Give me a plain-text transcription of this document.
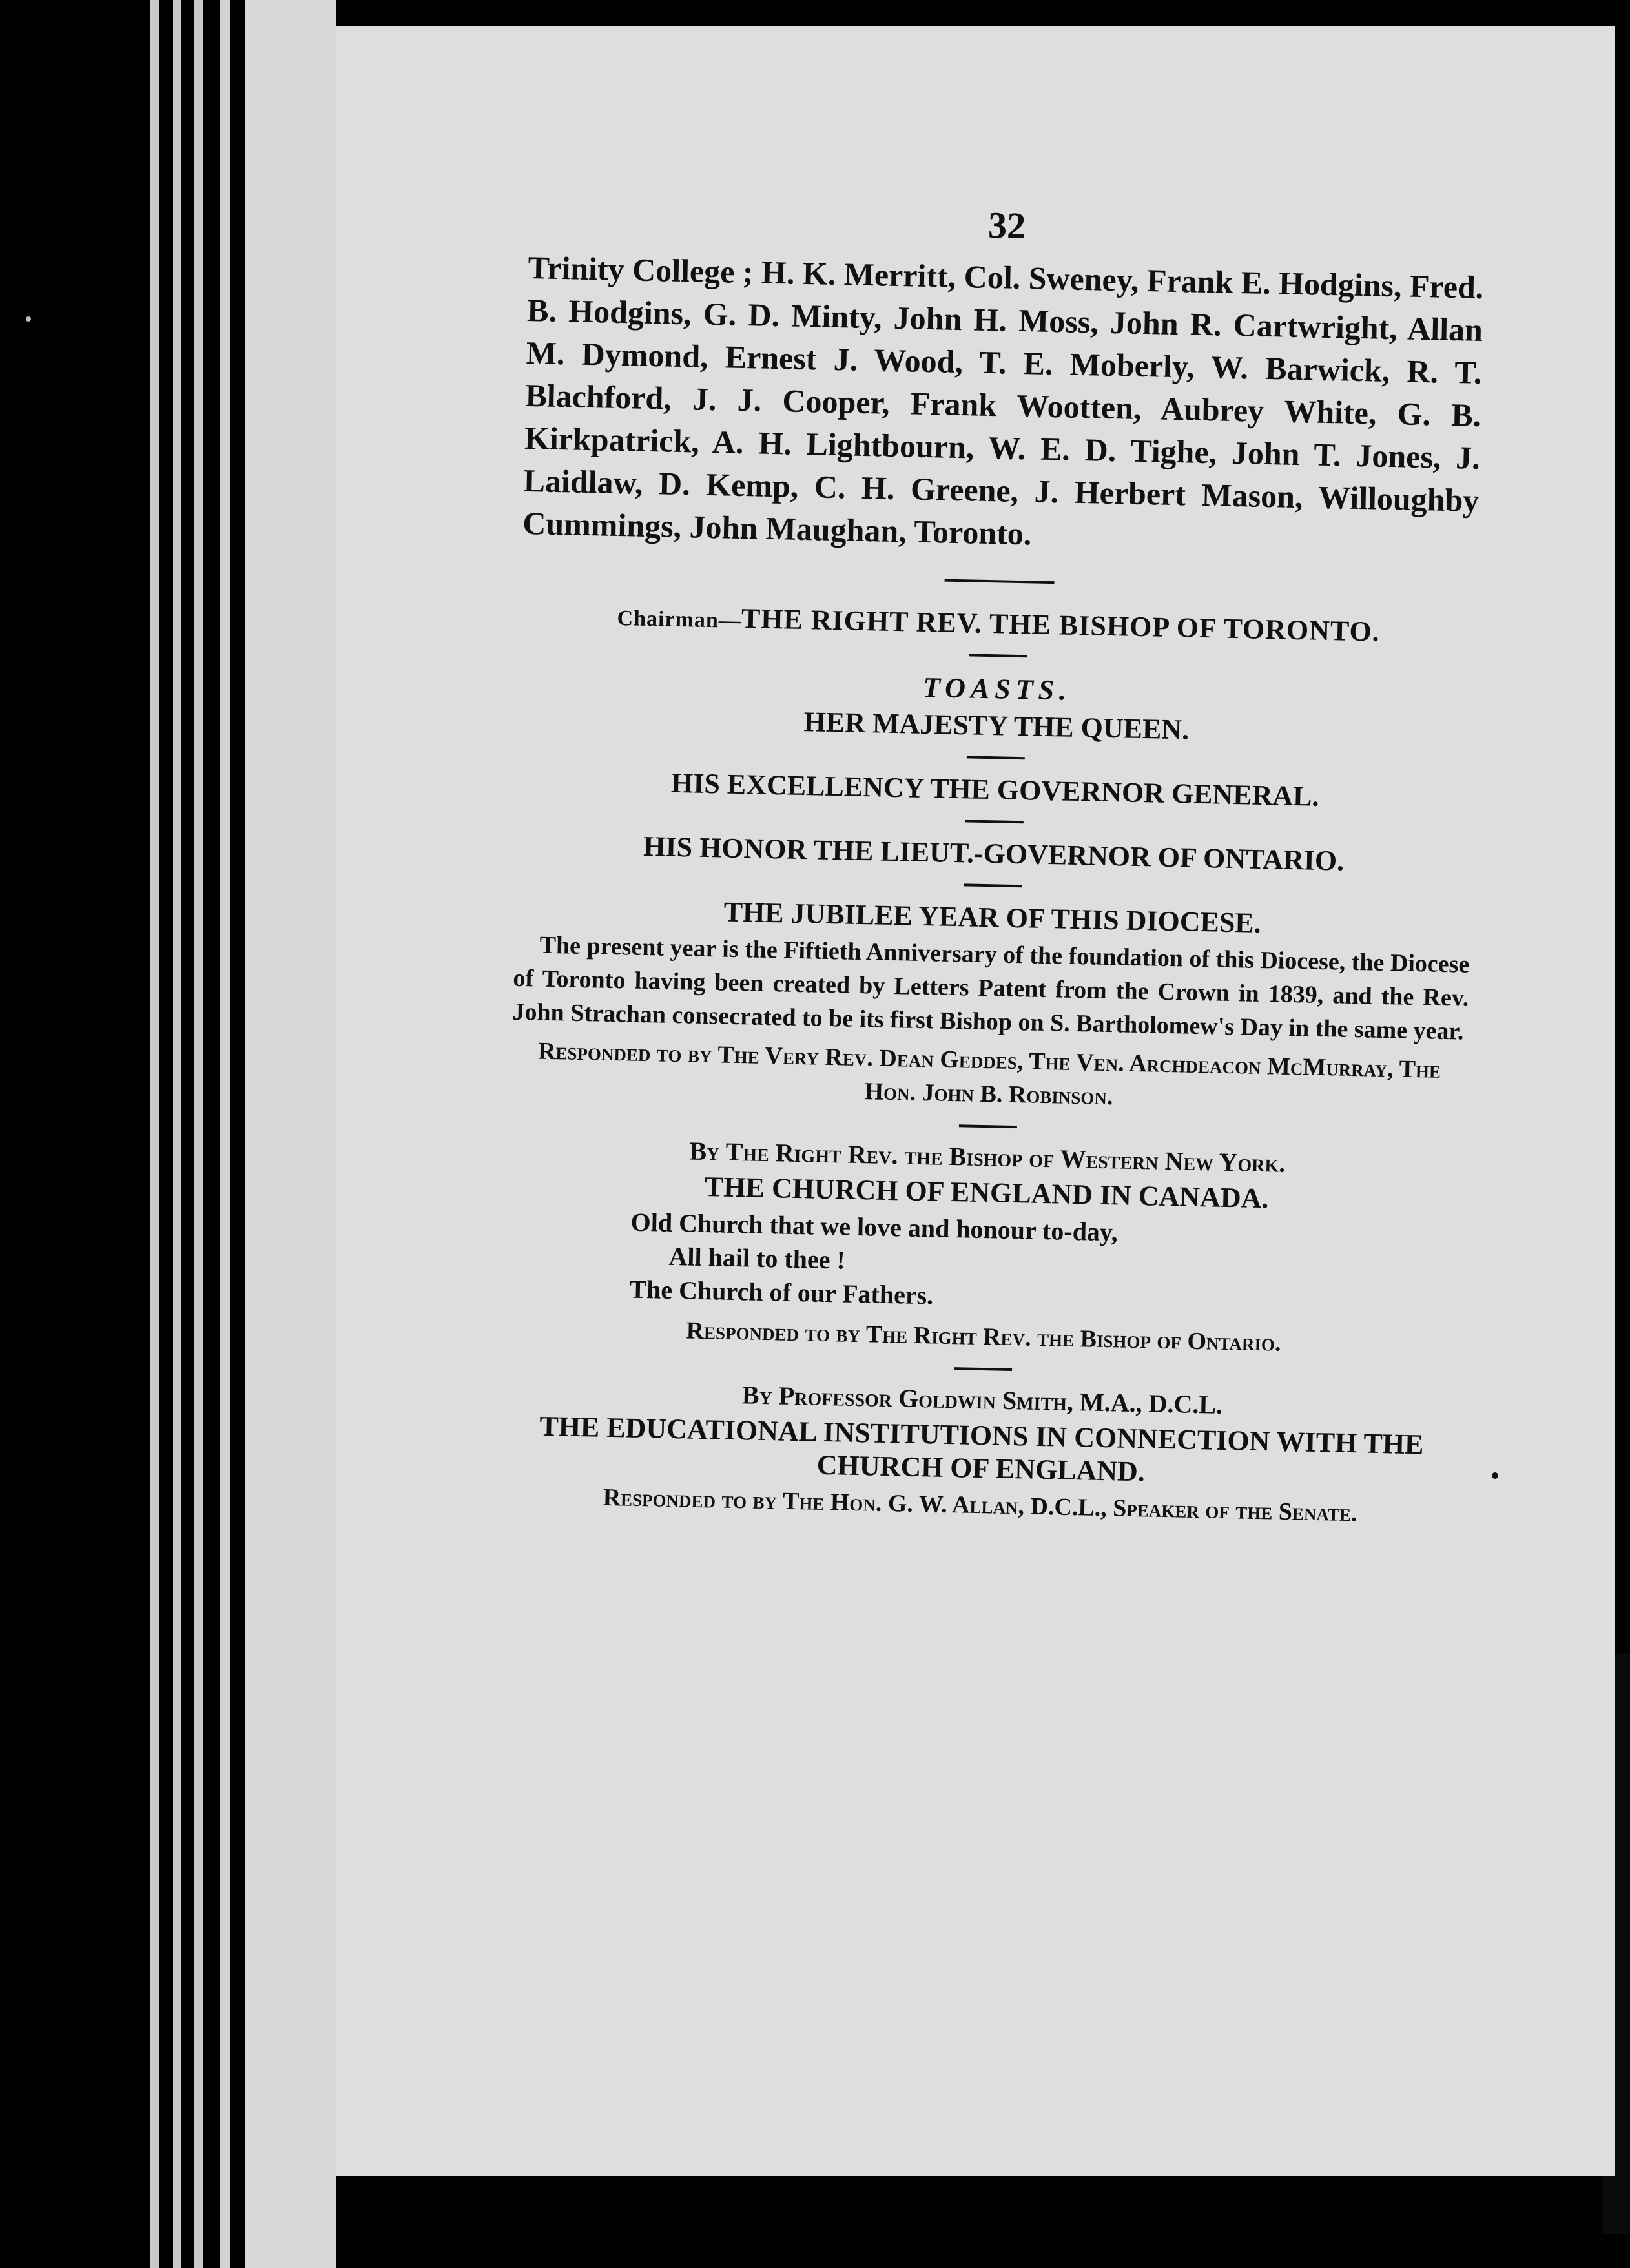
32

Trinity College ; H. K. Merritt, Col. Sweney, Frank E. Hodgins, Fred. B. Hodgins, G. D. Minty, John H. Moss, John R. Cartwright, Allan M. Dymond, Ernest J. Wood, T. E. Moberly, W. Barwick, R. T. Blachford, J. J. Cooper, Frank Wootten, Aubrey White, G. B. Kirkpatrick, A. H. Lightbourn, W. E. D. Tighe, John T. Jones, J. Laidlaw, D. Kemp, C. H. Greene, J. Herbert Mason, Willoughby Cummings, John Maughan, Toronto.

Chairman—THE RIGHT REV. THE BISHOP OF TORONTO.
TOASTS.
HER MAJESTY THE QUEEN.
HIS EXCELLENCY THE GOVERNOR GENERAL.
HIS HONOR THE LIEUT.-GOVERNOR OF ONTARIO.
THE JUBILEE YEAR OF THIS DIOCESE.

The present year is the Fiftieth Anniversary of the foundation of this Diocese, the Diocese of Toronto having been created by Letters Patent from the Crown in 1839, and the Rev. John Strachan consecrated to be its first Bishop on S. Bartholomew's Day in the same year.

Responded to by The Very Rev. Dean Geddes, The Ven. Archdeacon McMurray, The Hon. John B. Robinson.
By The Right Rev. the Bishop of Western New York.
THE CHURCH OF ENGLAND IN CANADA.
Old Church that we love and honour to-day,
All hail to thee !
The Church of our Fathers.
Responded to by The Right Rev. the Bishop of Ontario.
By Professor Goldwin Smith, M.A., D.C.L.
THE EDUCATIONAL INSTITUTIONS IN CONNECTION WITH THE CHURCH OF ENGLAND.
Responded to by The Hon. G. W. Allan, D.C.L., Speaker of the Senate.
